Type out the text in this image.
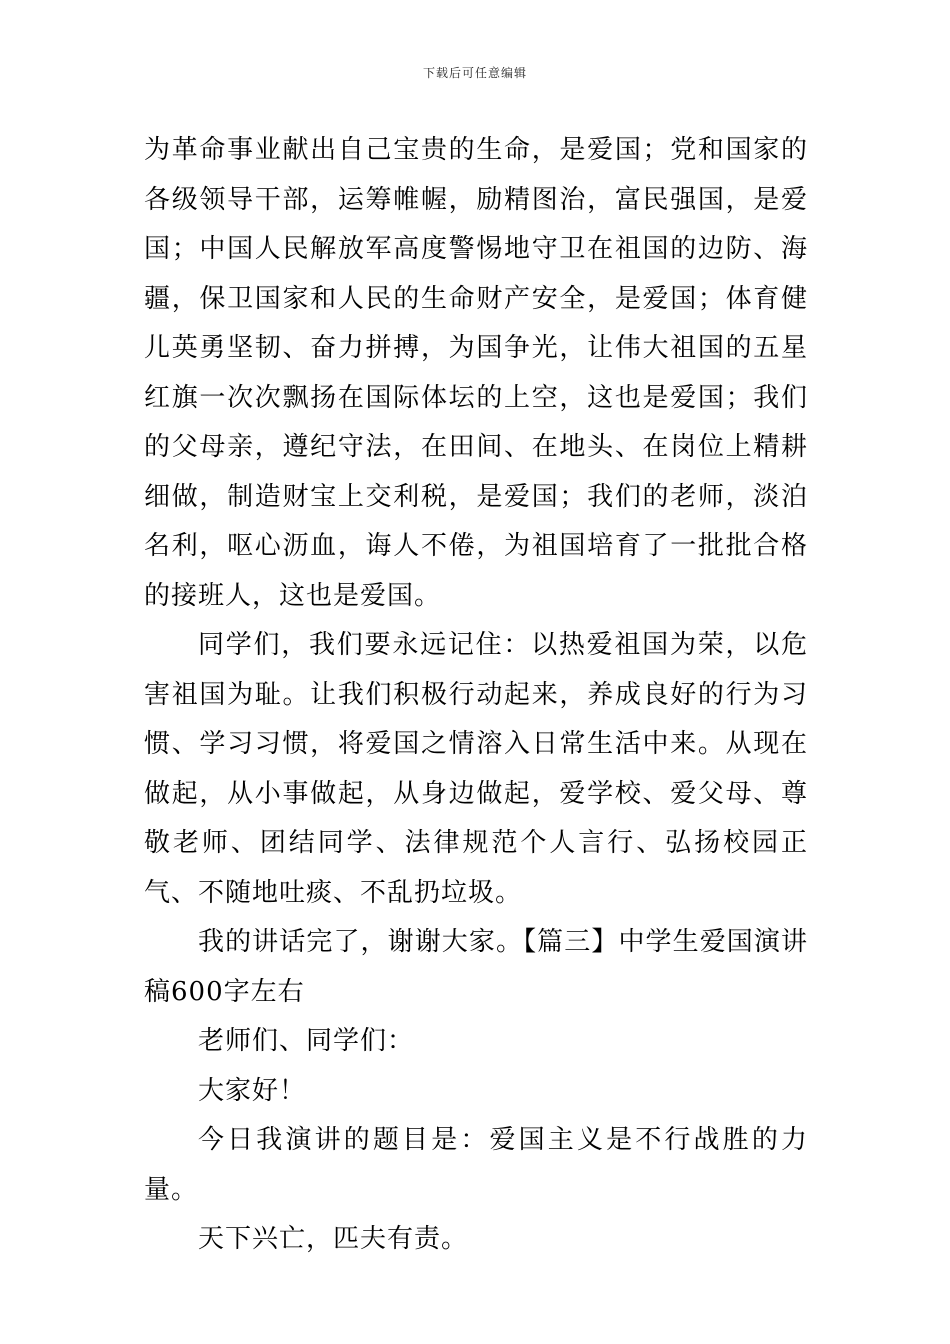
下载后可任意编辑

为革命事业献出自己宝贵的生命，是爱国；党和国家的各级领导干部，运筹帷幄，励精图治，富民强国，是爱国；中国人民解放军高度警惕地守卫在祖国的边防、海疆，保卫国家和人民的生命财产安全，是爱国；体育健儿英勇坚韧、奋力拼搏，为国争光，让伟大祖国的五星红旗一次次飘扬在国际体坛的上空，这也是爱国；我们的父母亲，遵纪守法，在田间、在地头、在岗位上精耕细做，制造财宝上交利税，是爱国；我们的老师，淡泊名利，呕心沥血，诲人不倦，为祖国培育了一批批合格的接班人，这也是爱国。

同学们，我们要永远记住：以热爱祖国为荣，以危害祖国为耻。让我们积极行动起来，养成良好的行为习惯、学习习惯，将爱国之情溶入日常生活中来。从现在做起，从小事做起，从身边做起，爱学校、爱父母、尊敬老师、团结同学、法律规范个人言行、弘扬校园正气、不随地吐痰、不乱扔垃圾。

我的讲话完了，谢谢大家。【篇三】中学生爱国演讲稿600字左右

老师们、同学们：

大家好！

今日我演讲的题目是：爱国主义是不行战胜的力量。

天下兴亡，匹夫有责。
